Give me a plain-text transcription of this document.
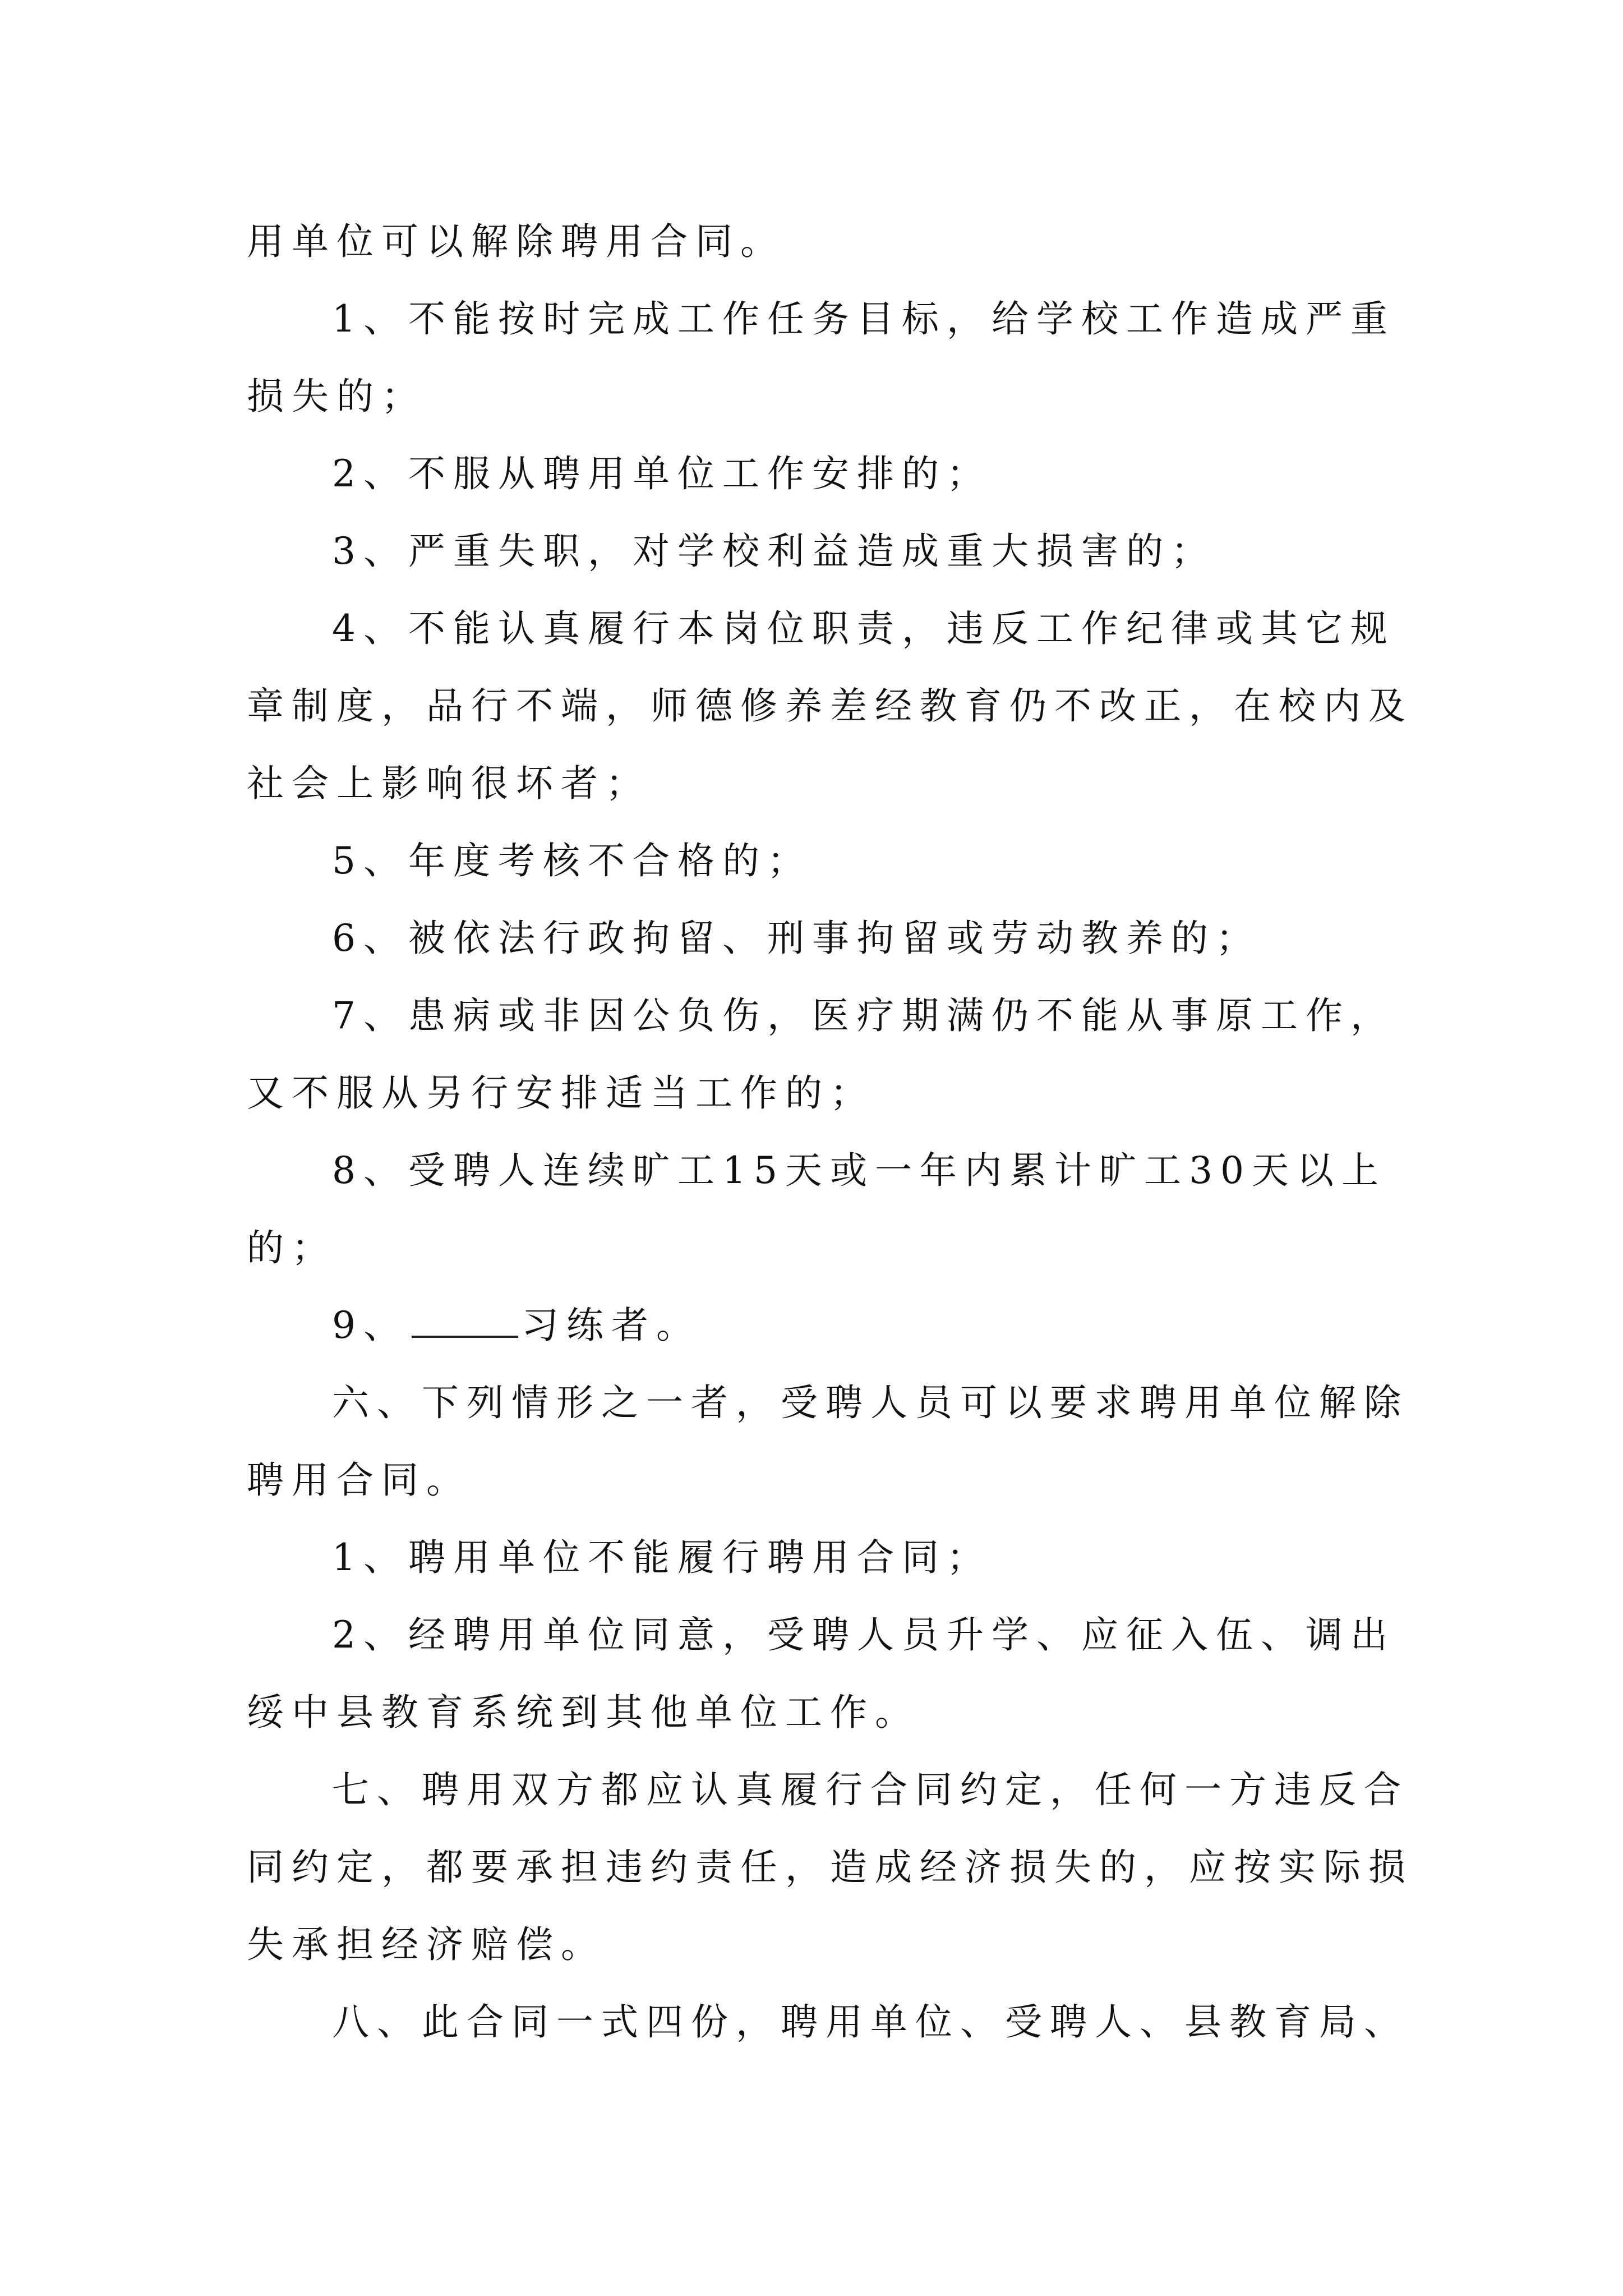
用单位可以解除聘用合同。

1、不能按时完成工作任务目标，给学校工作造成严重损失的；

2、不服从聘用单位工作安排的；

3、严重失职，对学校利益造成重大损害的；

4、不能认真履行本岗位职责，违反工作纪律或其它规章制度，品行不端，师德修养差经教育仍不改正，在校内及社会上影响很坏者；

5、年度考核不合格的；

6、被依法行政拘留、刑事拘留或劳动教养的；

7、患病或非因公负伤，医疗期满仍不能从事原工作，又不服从另行安排适当工作的；

8、受聘人连续旷工15天或一年内累计旷工30天以上的；

9、	习练者。

六、下列情形之一者，受聘人员可以要求聘用单位解除聘用合同。

1、聘用单位不能履行聘用合同；

2、经聘用单位同意，受聘人员升学、应征入伍、调出绥中县教育系统到其他单位工作。

七、聘用双方都应认真履行合同约定，任何一方违反合同约定，都要承担违约责任，造成经济损失的，应按实际损失承担经济赔偿。

八、此合同一式四份，聘用单位、受聘人、县教育局、
